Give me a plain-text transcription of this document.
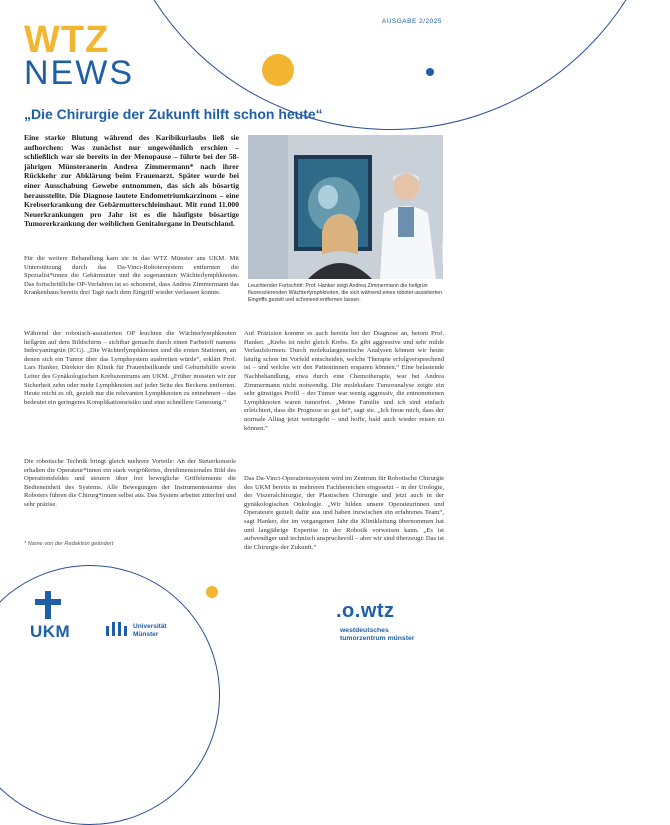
WTZ
NEWS
AUSGABE 2/2025
„Die Chirurgie der Zukunft hilft schon heute“

Eine starke Blutung während des Karibikurlaubs ließ sie aufhorchen: Was zunächst nur ungewöhnlich erschien – schließlich war sie bereits in der Menopause – führte bei der 58-jährigen Münsteranerin Andrea Zimmermann* nach ihrer Rückkehr zur Abklärung beim Frauenarzt. Später wurde bei einer Ausschabung Gewebe entnommen, das sich als bösartig herausstellte. Die Diagnose lautete Endometriumkarzinom – eine Krebserkrankung der Gebärmutterschleimhaut. Mit rund 11.000 Neuerkrankungen pro Jahr ist es die häufigste bösartige Tumorerkrankung der weiblichen Genitalorgane in Deutschland.

Für die weitere Behandlung kam sie in das WTZ Münster ans UKM. Mit Unterstützung durch das Da-Vinci-Robotersystem entfernten die Spezialist*innen die Gebärmutter und die sogenannten Wächterlymphknoten. Das fortschrittliche OP-Verfahren ist so schonend, dass Andrea Zimmermann das Krankenhaus bereits drei Tage nach dem Eingriff wieder verlassen konnte.

UKM/Wibberg
Leuchtender Fortschritt: Prof. Hanker zeigt Andrea Zimmermann die hellgrün fluoreszierenden Wächterlymphknoten, die sich während eines roboter-assistierten Eingriffs gezielt und schonend entfernen lassen.

Während der robotisch-assistierten OP leuchten die Wächterlymphknoten hellgrün auf dem Bildschirm – sichtbar gemacht durch einen Farbstoff namens Indocyaningrün (ICG). „Die Wächterlymphknoten sind die ersten Stationen, an denen sich ein Tumor über das Lymphsystem ausbreiten würde“, erklärt Prof. Lars Hanker, Direktor der Klinik für Frauenheilkunde und Geburtshilfe sowie Leiter des Gynäkologischen Krebszentrums am UKM. „Früher mussten wir zur Sicherheit zehn oder mehr Lymphknoten auf jeder Seite des Beckens entfernen. Heute reicht es oft, gezielt nur die relevanten Lymphknoten zu entnehmen – das bedeutet ein geringeres Komplikationsrisiko und eine schnellere Genesung.“

Die robotische Technik bringt gleich mehrere Vorteile: An der Steuerkonsole erhalten die Operateur*innen ein stark vergrößertes, dreidimensionales Bild des Operationsfeldes und steuern über frei bewegliche Griffelemente die Bedieneinheit des Systems. Alle Bewegungen der Instrumentenarme des Roboters führen die Chirurg*innen selbst aus. Das System arbeitet zitterfrei und sehr präzise.

* Name von der Redaktion geändert

Auf Präzision komme es auch bereits bei der Diagnose an, betont Prof. Hanker. „Krebs ist nicht gleich Krebs. Es gibt aggressive und sehr milde Verlaufsformen. Durch molekulargenetische Analysen können wir heute häufig schon im Vorfeld entscheiden, welche Therapie erfolgversprechend ist – und welche wir den Patientinnen ersparen können.“ Eine belastende Nachbehandlung, etwa durch eine Chemotherapie, war bei Andrea Zimmermann nicht notwendig. Die molekulare Tumoranalyse zeigte ein sehr günstiges Profil – der Tumor war wenig aggressiv, die entnommenen Lymphknoten waren tumorfrei. „Meine Familie und ich sind einfach erleichtert, dass die Prognose so gut ist“, sagt sie. „Ich freue mich, dass der normale Alltag jetzt weitergeht – und hoffe, bald auch wieder reisen zu können.“

Das Da-Vinci-Operationssystem wird im Zentrum für Robotische Chirurgie des UKM bereits in mehreren Fachbereichen eingesetzt – in der Urologie, der Viszeralchirurgie, der Plastischen Chirurgie und jetzt auch in der gynäkologischen Onkologie. „Wir bilden unsere Operateurinnen und Operateure gezielt dafür aus und haben inzwischen ein erfahrenes Team“, sagt Hanker, der im vergangenen Jahr die Klinikleitung übernommen hat und langjährige Expertise in der Robotik vorweisen kann. „Es ist aufwendiger und technisch anspruchsvoll – aber wir sind überzeugt: Das ist die Chirurgie der Zukunft.“

UKM	Universität
Münster
.o.wtz
westdeutsches
tumorzentrum münster
